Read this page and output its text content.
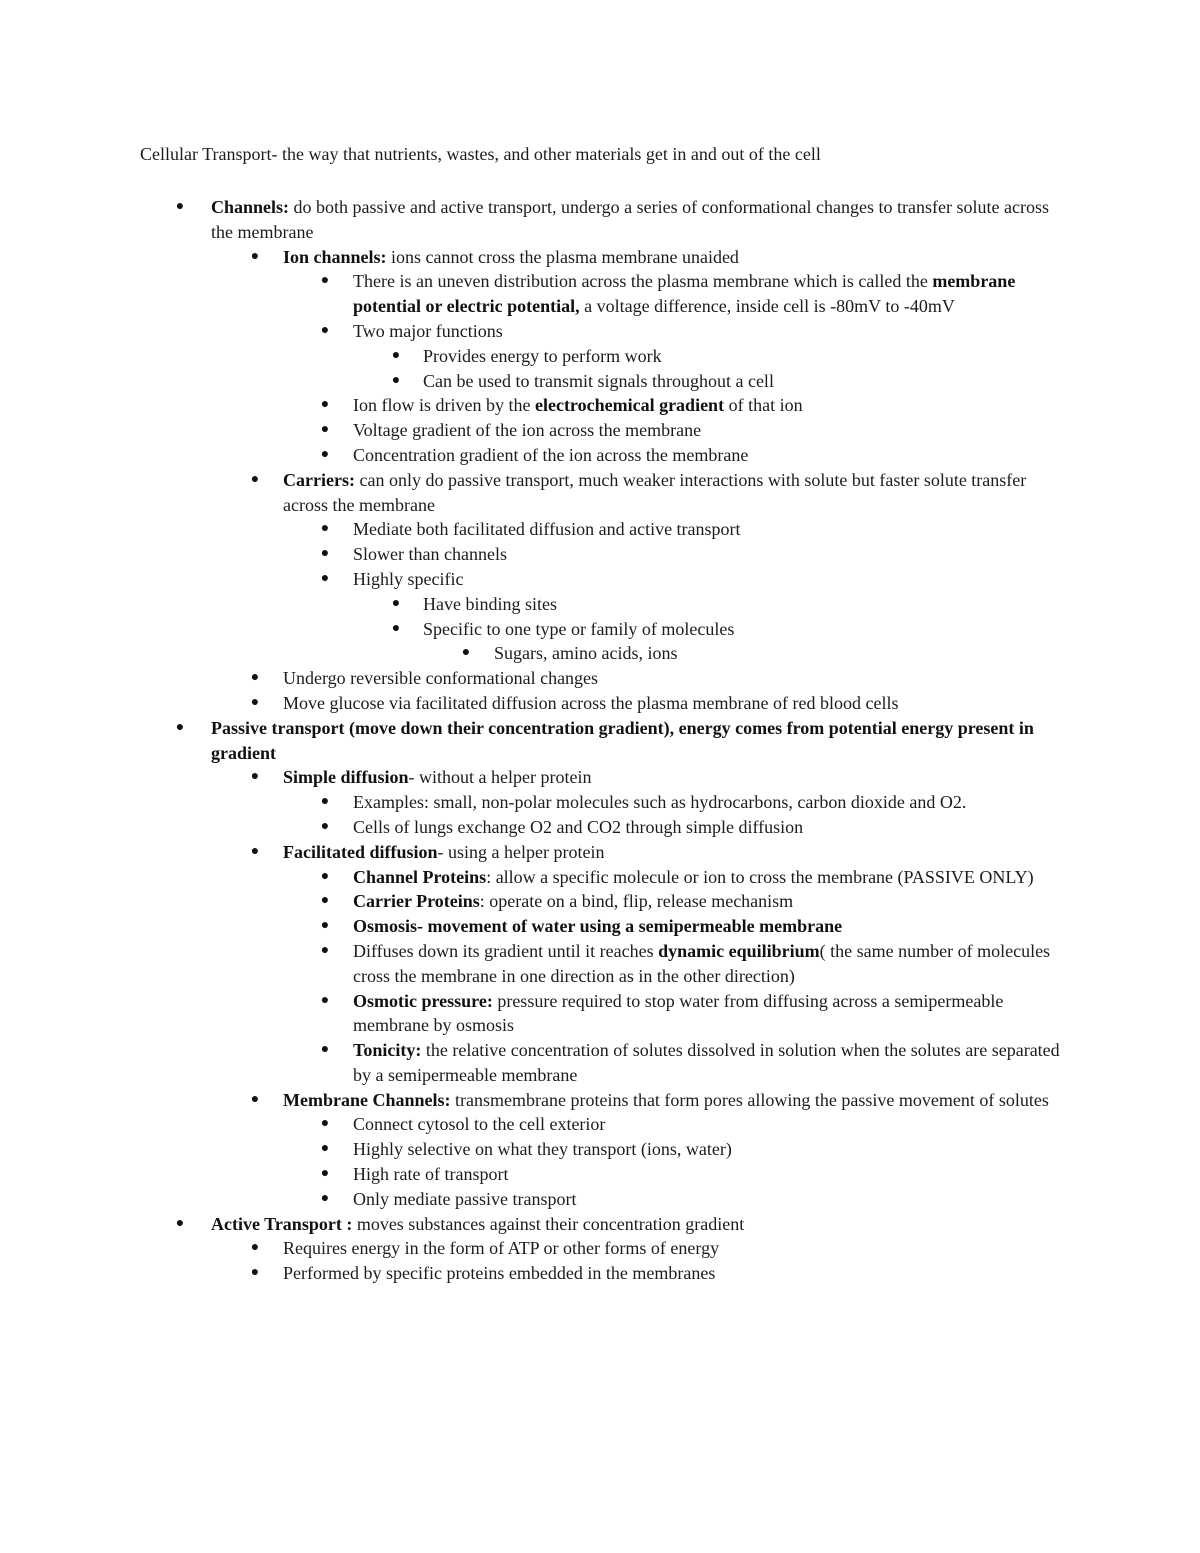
Cellular Transport- the way that nutrients, wastes, and other materials get in and out of the cell
● Channels: do both passive and active transport, undergo a series of conformational changes to transfer solute across the membrane
● Ion channels: ions cannot cross the plasma membrane unaided
● There is an uneven distribution across the plasma membrane which is called the membrane potential or electric potential, a voltage difference, inside cell is -80mV to -40mV
● Two major functions
● Provides energy to perform work
● Can be used to transmit signals throughout a cell
● Ion flow is driven by the electrochemical gradient of that ion
● Voltage gradient of the ion across the membrane
● Concentration gradient of the ion across the membrane
● Carriers: can only do passive transport, much weaker interactions with solute but faster solute transfer across the membrane
● Mediate both facilitated diffusion and active transport
● Slower than channels
● Highly specific
● Have binding sites
● Specific to one type or family of molecules
● Sugars, amino acids, ions
● Undergo reversible conformational changes
● Move glucose via facilitated diffusion across the plasma membrane of red blood cells
● Passive transport (move down their concentration gradient), energy comes from potential energy present in gradient
● Simple diffusion- without a helper protein
● Examples: small, non-polar molecules such as hydrocarbons, carbon dioxide and O2.
● Cells of lungs exchange O2 and CO2 through simple diffusion
● Facilitated diffusion- using a helper protein
● Channel Proteins: allow a specific molecule or ion to cross the membrane (PASSIVE ONLY)
● Carrier Proteins: operate on a bind, flip, release mechanism
● Osmosis- movement of water using a semipermeable membrane
● Diffuses down its gradient until it reaches dynamic equilibrium( the same number of molecules cross the membrane in one direction as in the other direction)
● Osmotic pressure: pressure required to stop water from diffusing across a semipermeable membrane by osmosis
● Tonicity: the relative concentration of solutes dissolved in solution when the solutes are separated by a semipermeable membrane
● Membrane Channels: transmembrane proteins that form pores allowing the passive movement of solutes
● Connect cytosol to the cell exterior
● Highly selective on what they transport (ions, water)
● High rate of transport
● Only mediate passive transport
● Active Transport : moves substances against their concentration gradient
● Requires energy in the form of ATP or other forms of energy
● Performed by specific proteins embedded in the membranes
